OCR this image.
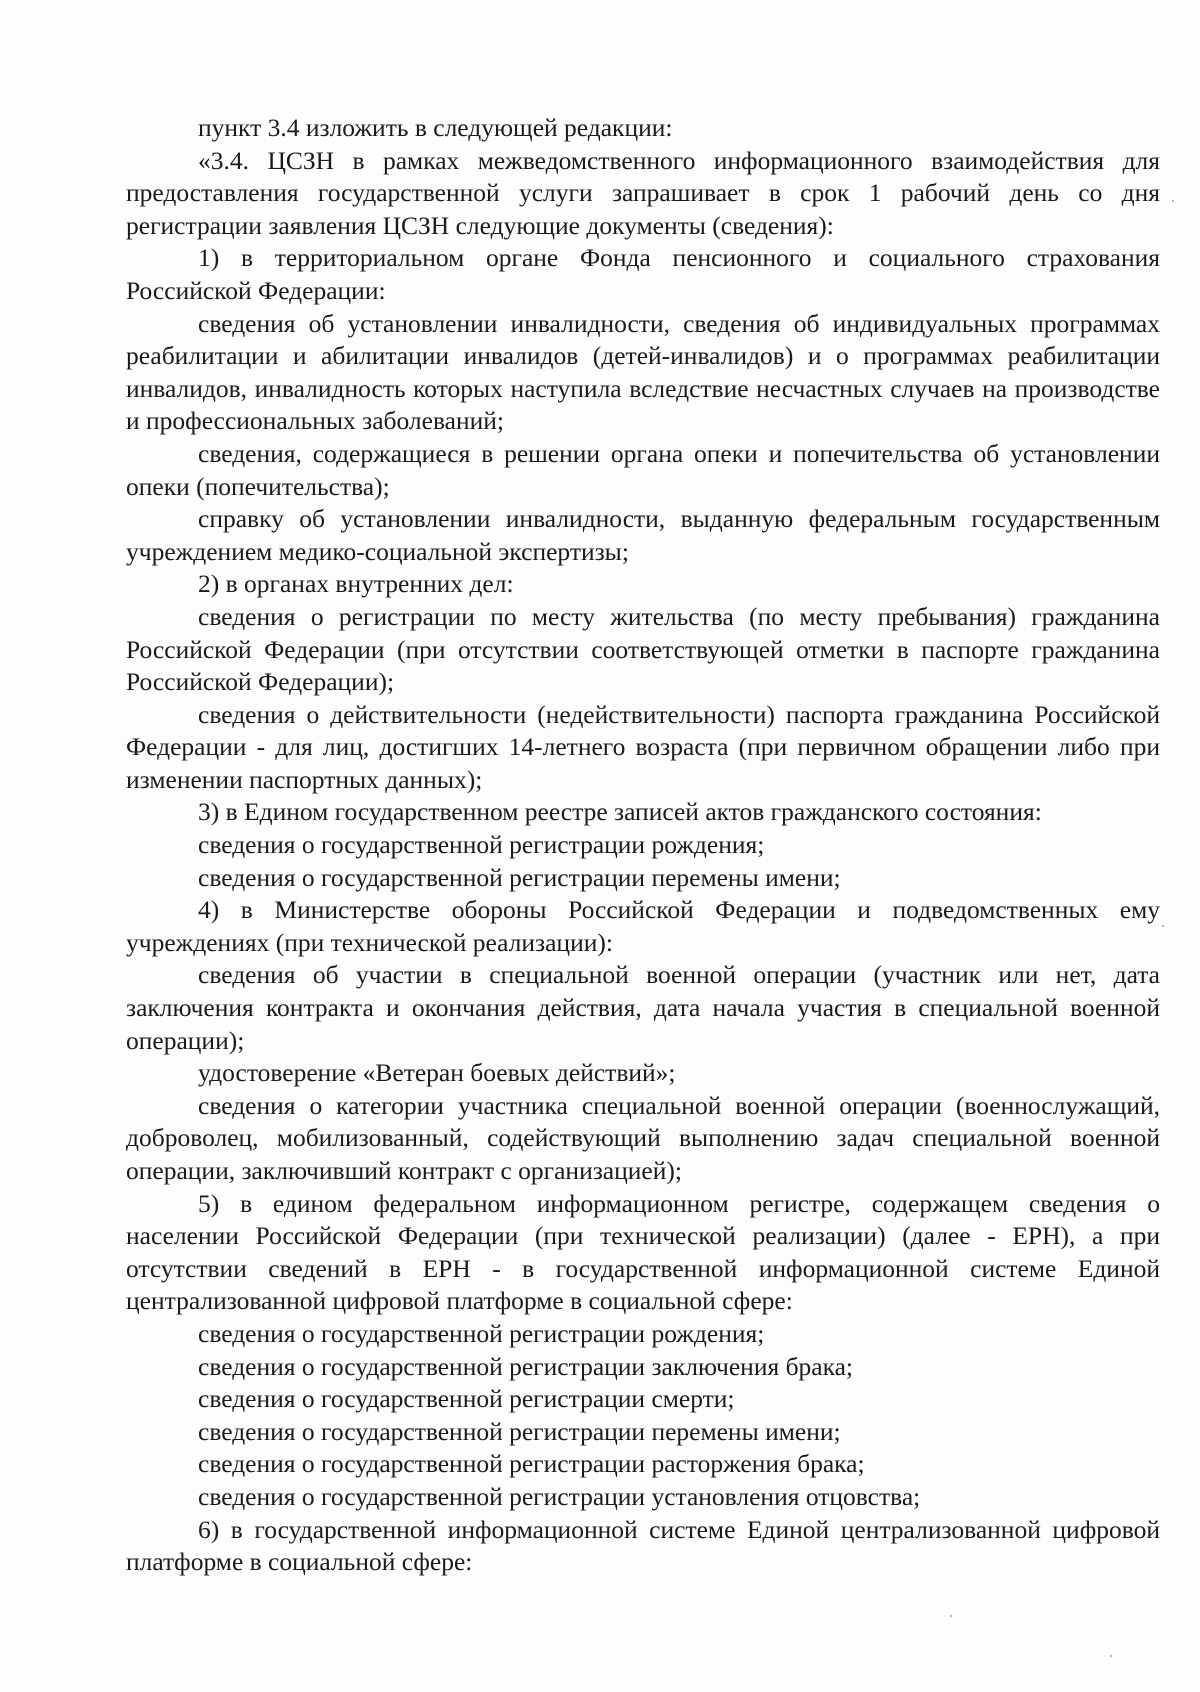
пункт 3.4 изложить в следующей редакции:

«3.4. ЦСЗН в рамках межведомственного информационного взаимодействия для предоставления государственной услуги запрашивает в срок 1 рабочий день со дня регистрации заявления ЦСЗН следующие документы (сведения):

1) в территориальном органе Фонда пенсионного и социального страхования Российской Федерации:

сведения об установлении инвалидности, сведения об индивидуальных программах реабилитации и абилитации инвалидов (детей-инвалидов) и о программах реабилитации инвалидов, инвалидность которых наступила вследствие несчастных случаев на производстве и профессиональных заболеваний;

сведения, содержащиеся в решении органа опеки и попечительства об установлении опеки (попечительства);

справку об установлении инвалидности, выданную федеральным государственным учреждением медико-социальной экспертизы;

2) в органах внутренних дел:

сведения о регистрации по месту жительства (по месту пребывания) гражданина Российской Федерации (при отсутствии соответствующей отметки в паспорте гражданина Российской Федерации);

сведения о действительности (недействительности) паспорта гражданина Российской Федерации - для лиц, достигших 14-летнего возраста (при первичном обращении либо при изменении паспортных данных);

3) в Едином государственном реестре записей актов гражданского состояния:

сведения о государственной регистрации рождения;

сведения о государственной регистрации перемены имени;

4) в Министерстве обороны Российской Федерации и подведомственных ему учреждениях (при технической реализации):

сведения об участии в специальной военной операции (участник или нет, дата заключения контракта и окончания действия, дата начала участия в специальной военной операции);

удостоверение «Ветеран боевых действий»;

сведения о категории участника специальной военной операции (военнослужащий, доброволец, мобилизованный, содействующий выполнению задач специальной военной операции, заключивший контракт с организацией);

5) в едином федеральном информационном регистре, содержащем сведения о населении Российской Федерации (при технической реализации) (далее - ЕРН), а при отсутствии сведений в ЕРН - в государственной информационной системе Единой централизованной цифровой платформе в социальной сфере:

сведения о государственной регистрации рождения;

сведения о государственной регистрации заключения брака;

сведения о государственной регистрации смерти;

сведения о государственной регистрации перемены имени;

сведения о государственной регистрации расторжения брака;

сведения о государственной регистрации установления отцовства;

6) в государственной информационной системе Единой централизованной цифровой платформе в социальной сфере:
